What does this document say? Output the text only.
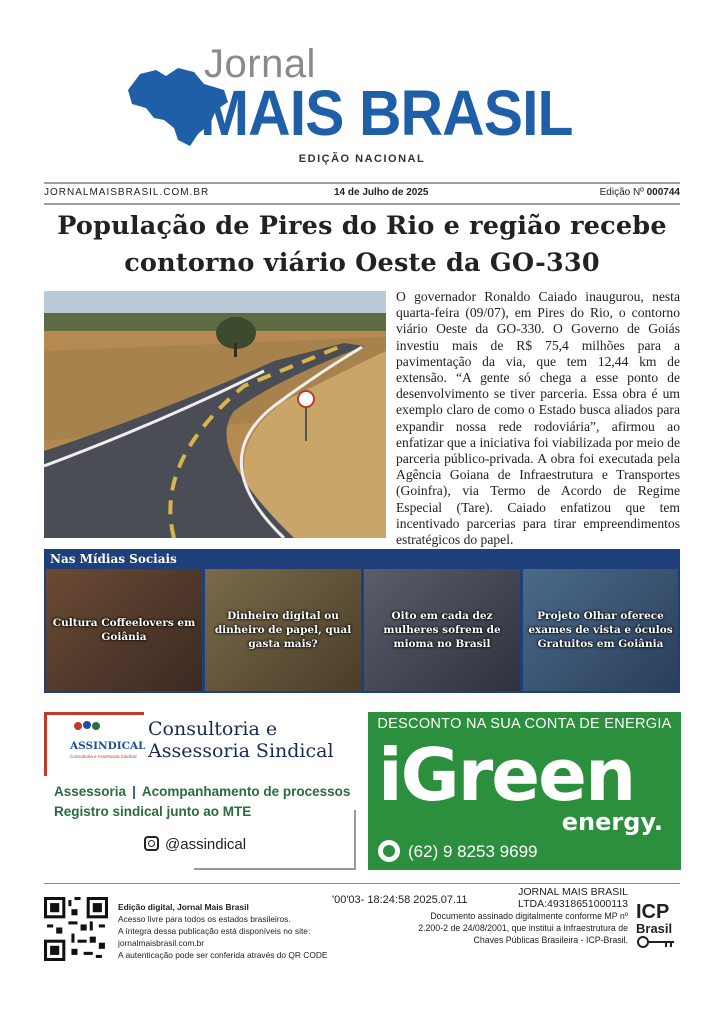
Jornal
MAIS BRASIL
EDIÇÃO NACIONAL
JORNALMAISBRASIL.COM.BR	14 de Julho de 2025	Edição Nº 000744
População de Pires do Rio e região recebe
contorno viário Oeste da GO-330
O governador Ronaldo Caiado inaugurou, nesta quarta-feira (09/07), em Pires do Rio, o contorno viário Oeste da GO-330. O Governo de Goiás investiu mais de R$ 75,4 milhões para a pavimentação da via, que tem 12,44 km de extensão. “A gente só chega a esse ponto de desenvolvimento se tiver parceria. Essa obra é um exemplo claro de como o Estado busca aliados para expandir nossa rede rodoviária”, afirmou ao enfatizar que a iniciativa foi viabilizada por meio de parceria público-privada. A obra foi executada pela Agência Goiana de Infraestrutura e Transportes (Goinfra), via Termo de Acordo de Regime Especial (Tare). Caiado enfatizou que tem incentivado parcerias para tirar empreendimentos estratégicos do papel.
Nas Mídias Sociais
Cultura Coffeelovers em Goiânia
Dinheiro digital ou dinheiro de papel, qual gasta mais?
Oito em cada dez mulheres sofrem de mioma no Brasil
Projeto Olhar oferece exames de vista e óculos Gratuitos em Goiânia
ASSINDICAL
Consultoria e Assessoria Sindical
Consultoria e
Assessoria Sindical
Assessoria | Acompanhamento de processos
Registro sindical junto ao MTE
@assindical
DESCONTO NA SUA CONTA DE ENERGIA
iGreen
energy.
(62) 9 8253 9699
Edição digital, Jornal Mais Brasil
Acesso livre para todos os estados brasileiros.
A íntegra dessa publicação está disponíveis no site:
jornalmaisbrasil.com.br
A autenticação pode ser conferida através do QR CODE
'00'03- 18:24:58 2025.07.11
JORNAL MAIS BRASIL
LTDA:49318651000113
Documento assinado digitalmente conforme MP nº
2.200-2 de 24/08/2001, que institui a Infraestrutura de
Chaves Públicas Brasileira - ICP-Brasil.
ICP
Brasil
